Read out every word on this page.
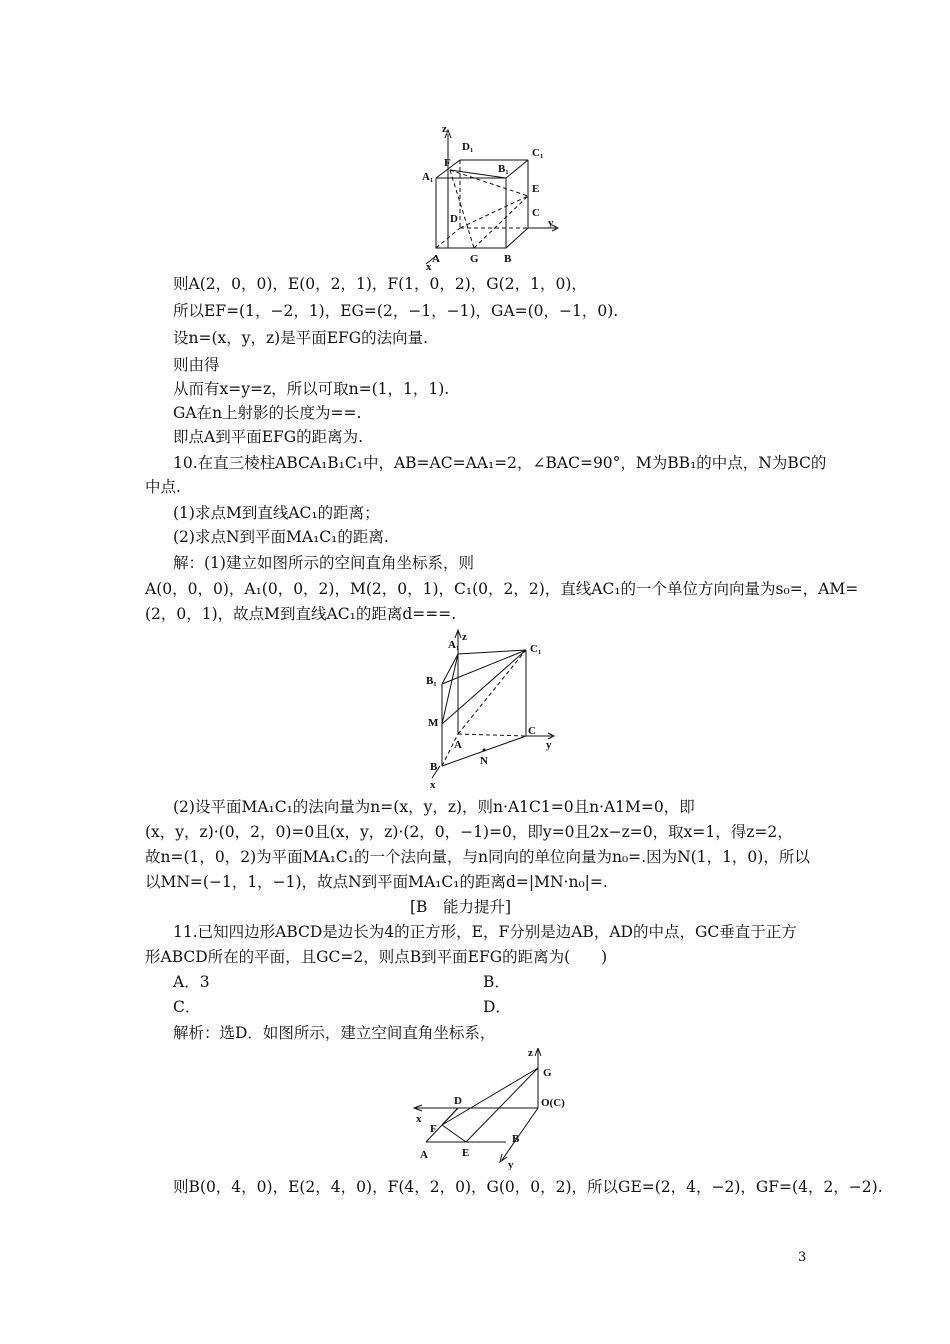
z
D₁	C₁
F	B₁
A₁
E
D	C
y
A	G B
x
则A(2，0，0)，E(0，2，1)，F(1，0，2)，G(2，1，0)，
所以EF=(1，−2，1)，EG=(2，−1，−1)，GA=(0，−1，0).
设n=(x，y，z)是平面EFG的法向量.
则由得
从而有x=y=z，所以可取n=(1，1，1).
GA在n上射影的长度为==.
即点A到平面EFG的距离为.
10.在直三棱柱ABCA₁B₁C₁中，AB=AC=AA₁=2，∠BAC=90°，M为BB₁的中点，N为BC的
中点.
(1)求点M到直线AC₁的距离；
(2)求点N到平面MA₁C₁的距离.
解：(1)建立如图所示的空间直角坐标系，则
A(0，0，0)，A₁(0，0，2)，M(2，0，1)，C₁(0，2，2)，直线AC₁的一个单位方向向量为s₀=，AM=
(2，0，1)，故点M到直线AC₁的距离d===.
A₁
z
C₁
B₁
M
A
C
y
N
B
x
(2)设平面MA₁C₁的法向量为n=(x，y，z)，则n·A1C1=0且n·A1M=0，即
(x，y，z)·(0，2，0)=0且(x，y，z)·(2，0，−1)=0，即y=0且2x−z=0，取x=1，得z=2，
故n=(1，0，2)为平面MA₁C₁的一个法向量，与n同向的单位向量为n₀=.因为N(1，1，0)，所以
以MN=(−1，1，−1)，故点N到平面MA₁C₁的距离d=|MN·n₀|=.
[B　能力提升]
11.已知四边形ABCD是边长为4的正方形，E，F分别是边AB，AD的中点，GC垂直于正方
形ABCD所在的平面，且GC=2，则点B到平面EFG的距离为(　　)
A．3	B．
C．	D．
解析：选D．如图所示，建立空间直角坐标系，
z
G
D	O(C)
x
F
B
A	E
y
则B(0，4，0)，E(2，4，0)，F(4，2，0)，G(0，0，2)，所以GE=(2，4，−2)，GF=(4，2，−2).
3
